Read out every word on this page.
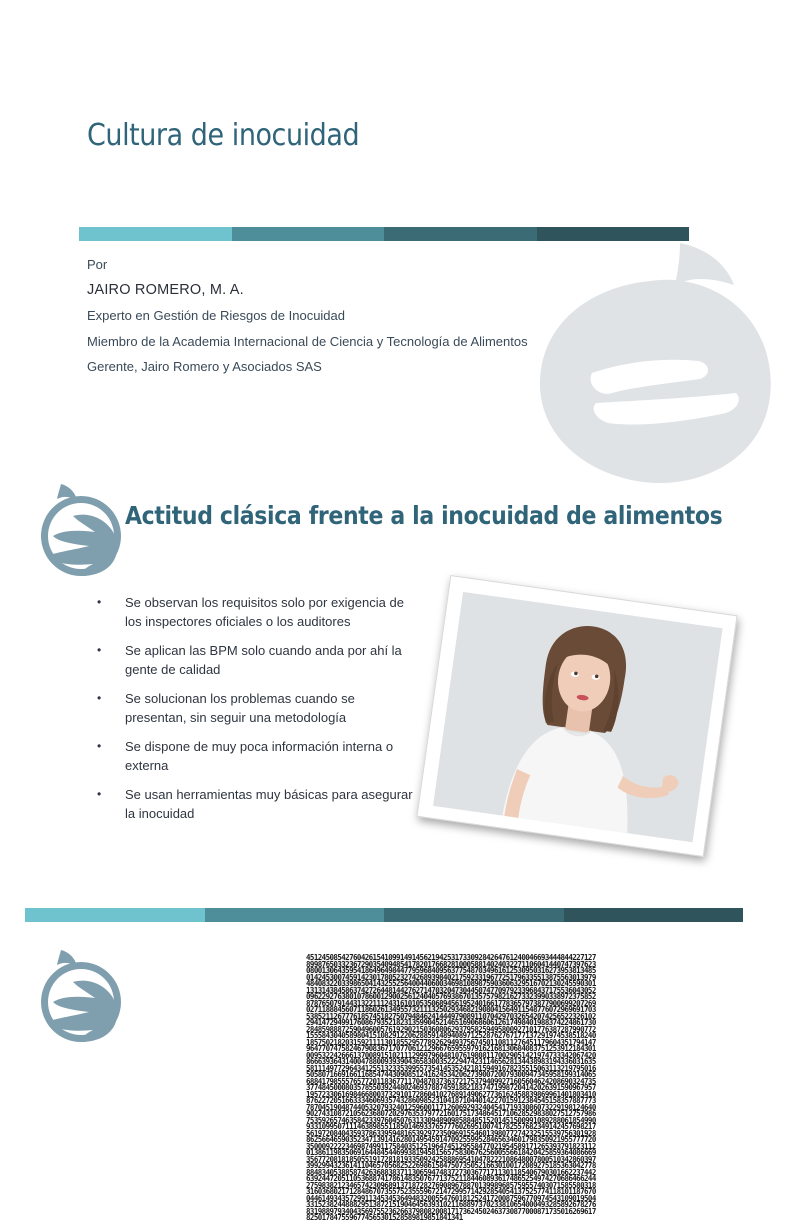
Cultura de inocuidad
Por
JAIRO ROMERO, M. A.
Experto en Gestión de Riesgos de Inocuidad
Miembro de la Academia Internacional de Ciencia y Tecnología de Alimentos
Gerente, Jairo Romero y Asociados SAS
Actitud clásica frente a la inocuidad de alimentos
• Se observan los requisitos solo por exigencia de los inspectores oficiales o los auditores
• Se aplican las BPM solo cuando anda por ahí la gente de calidad
• Se solucionan los problemas cuando se presentan, sin seguir una metodología
• Se dispone de muy poca información interna o externa
• Se usan herramientas muy básicas para asegurar la inocuidad
451245085427604261541099149145621942531733092842647612400466934448442271278998765033236729035409485417820176682810005881402403227110604144074739762308001306435954186496498447795968409563775487034961612530950316273953813485014245300745914230178052327426893984021759233196772517963355138755630139794840832203398650414325525640044060034698108987590360632951670213024559030113131438458637427264481442762714703204730445074770979233968437175536043052096229276380107860012900256124040576938670135757982162733239903389723758528787650791443132211124316101053506894561952401661778365797387790069920726902711888456071186026134955732111325029346821908041564911548776072969691703538521126777618574518275079484624144497908911070429703265420742565223261022941472949917608679352182313599045214651690686061261749840198837422486173028485988872590496005761929021503608062937958259495800927101776387287990772155584304058980415108291220628859148940897125287627671771372919745385182401857502182031592111130185529577892629493756745011081127645117960435179414796477074758246790836717077061212966765955979162168130684083751253912184301009532242666137008915102111299979604810761980811700290514219747333420674208666393643140047880093939043658300352229474231146562813443898319433603163558111497729643412551323353995573541453524218159491678235515063113219795016505807166916611685474430908512416245342062739007200793009473459581993140656884179855576577201183677117048703736372175379409927160560462420869032473537748450008035785503924480246937887459188218374719987204142026391590967957195723306169846680037329101728604102768914906277361624588398699614018034108762272051663334606935743286098523104187104401422701591238454515835788777378704519048744053207932401259600117126069293240454171933086073229198124640902743108721056236807202976353797721601751734864517106285298380275127579867535926574635842339760450763133094890985884851520145150099108928806185499093310995071114638985511850146933765777602695100741782557682349142457698217561972084043593786339594816539297235096915546013980772742325155397563019288625664659035234713914162801495459147092559952846563460179835092195577772035000922223469874991175840351251964745129558477021954589171265393791823112013861198350691644845446993819458156575830676256005566184204258593640866693567720818185055191728181933509242588869541047822210864800780051034286039739929943236141104657056825226986158475073505216630100172089275185363042778884834053885874263688383711306594748372730367717113011854067903016622374426392447205110536887417861483507677137521184460893617486525497427068646624427598382123465742309689137187282769089678870139989685759557403071585580318316036802171284867073557523555967214729957142928540541375257741181011876700446149343572991134534536494832005547601812524172008759677097454310901950433152382448882951387215190464563931021168897370233810654000493285892678276831988979340435697552362663798082008171736245024637308770008717350162696178250178475596774565301528589819851841341
